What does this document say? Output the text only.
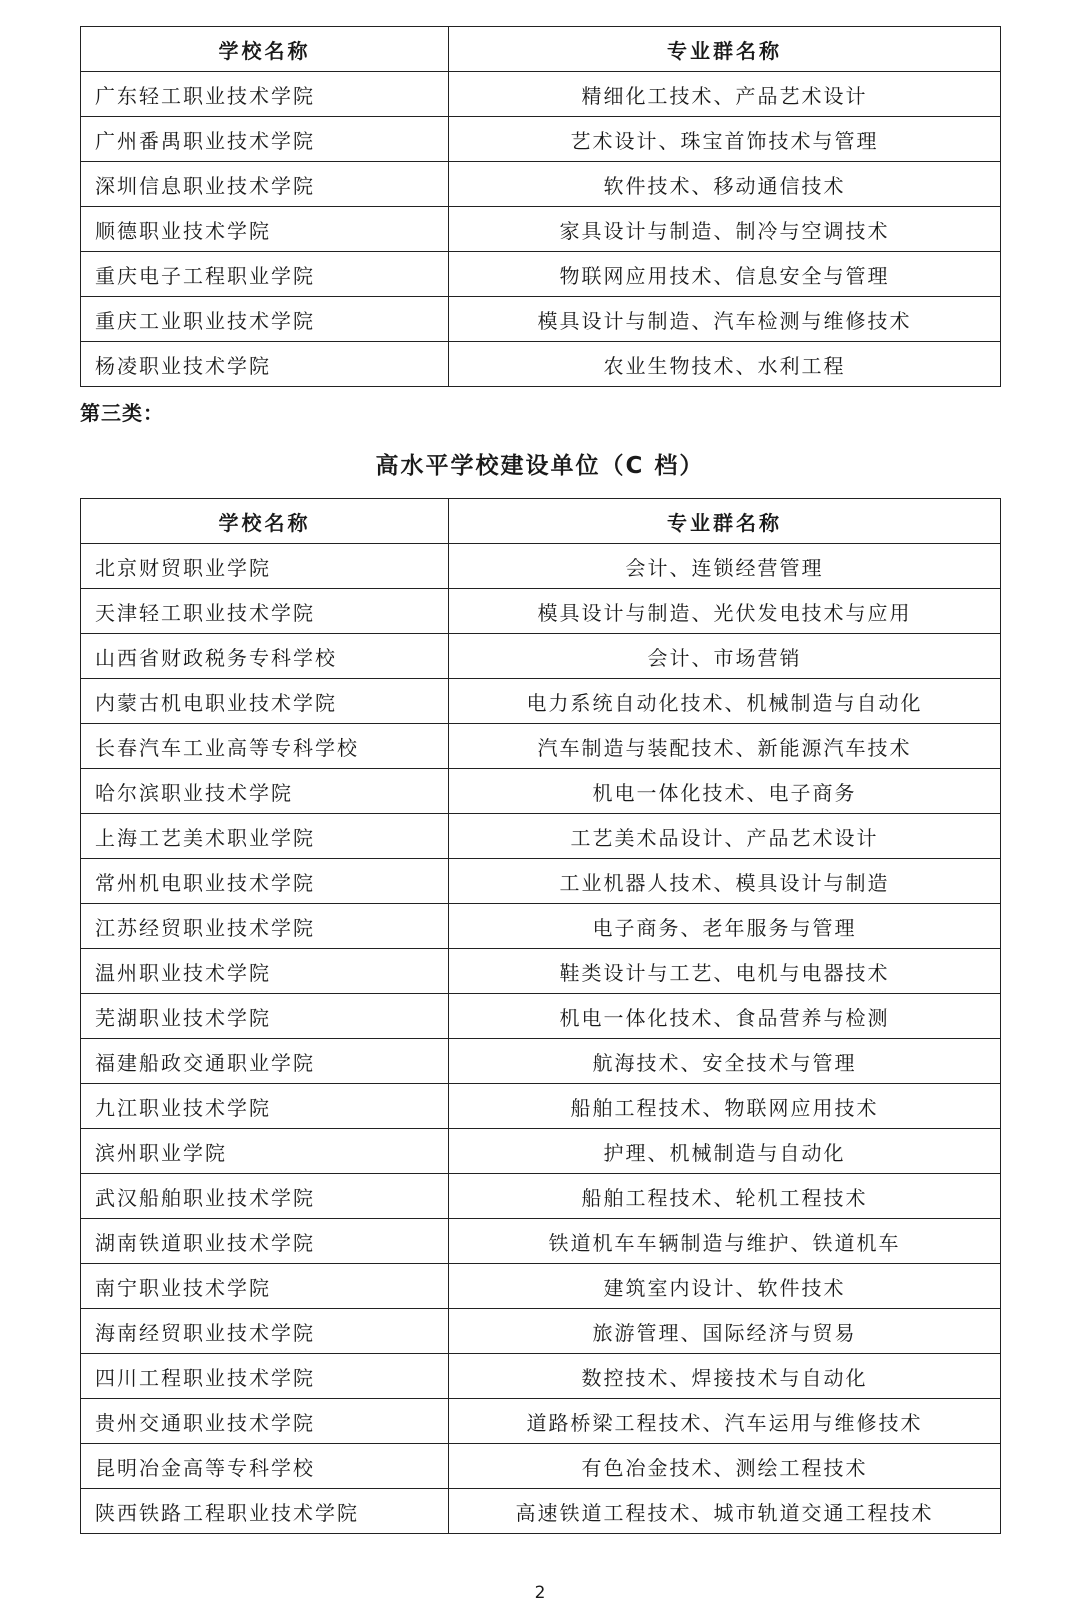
学校名称	专业群名称
广东轻工职业技术学院	精细化工技术、产品艺术设计
广州番禺职业技术学院	艺术设计、珠宝首饰技术与管理
深圳信息职业技术学院	软件技术、移动通信技术
顺德职业技术学院	家具设计与制造、制冷与空调技术
重庆电子工程职业学院	物联网应用技术、信息安全与管理
重庆工业职业技术学院	模具设计与制造、汽车检测与维修技术
杨凌职业技术学院	农业生物技术、水利工程
第三类：
高水平学校建设单位（C 档）
学校名称	专业群名称
北京财贸职业学院	会计、连锁经营管理
天津轻工职业技术学院	模具设计与制造、光伏发电技术与应用
山西省财政税务专科学校	会计、市场营销
内蒙古机电职业技术学院	电力系统自动化技术、机械制造与自动化
长春汽车工业高等专科学校	汽车制造与装配技术、新能源汽车技术
哈尔滨职业技术学院	机电一体化技术、电子商务
上海工艺美术职业学院	工艺美术品设计、产品艺术设计
常州机电职业技术学院	工业机器人技术、模具设计与制造
江苏经贸职业技术学院	电子商务、老年服务与管理
温州职业技术学院	鞋类设计与工艺、电机与电器技术
芜湖职业技术学院	机电一体化技术、食品营养与检测
福建船政交通职业学院	航海技术、安全技术与管理
九江职业技术学院	船舶工程技术、物联网应用技术
滨州职业学院	护理、机械制造与自动化
武汉船舶职业技术学院	船舶工程技术、轮机工程技术
湖南铁道职业技术学院	铁道机车车辆制造与维护、铁道机车
南宁职业技术学院	建筑室内设计、软件技术
海南经贸职业技术学院	旅游管理、国际经济与贸易
四川工程职业技术学院	数控技术、焊接技术与自动化
贵州交通职业技术学院	道路桥梁工程技术、汽车运用与维修技术
昆明冶金高等专科学校	有色冶金技术、测绘工程技术
陕西铁路工程职业技术学院	高速铁道工程技术、城市轨道交通工程技术
2
